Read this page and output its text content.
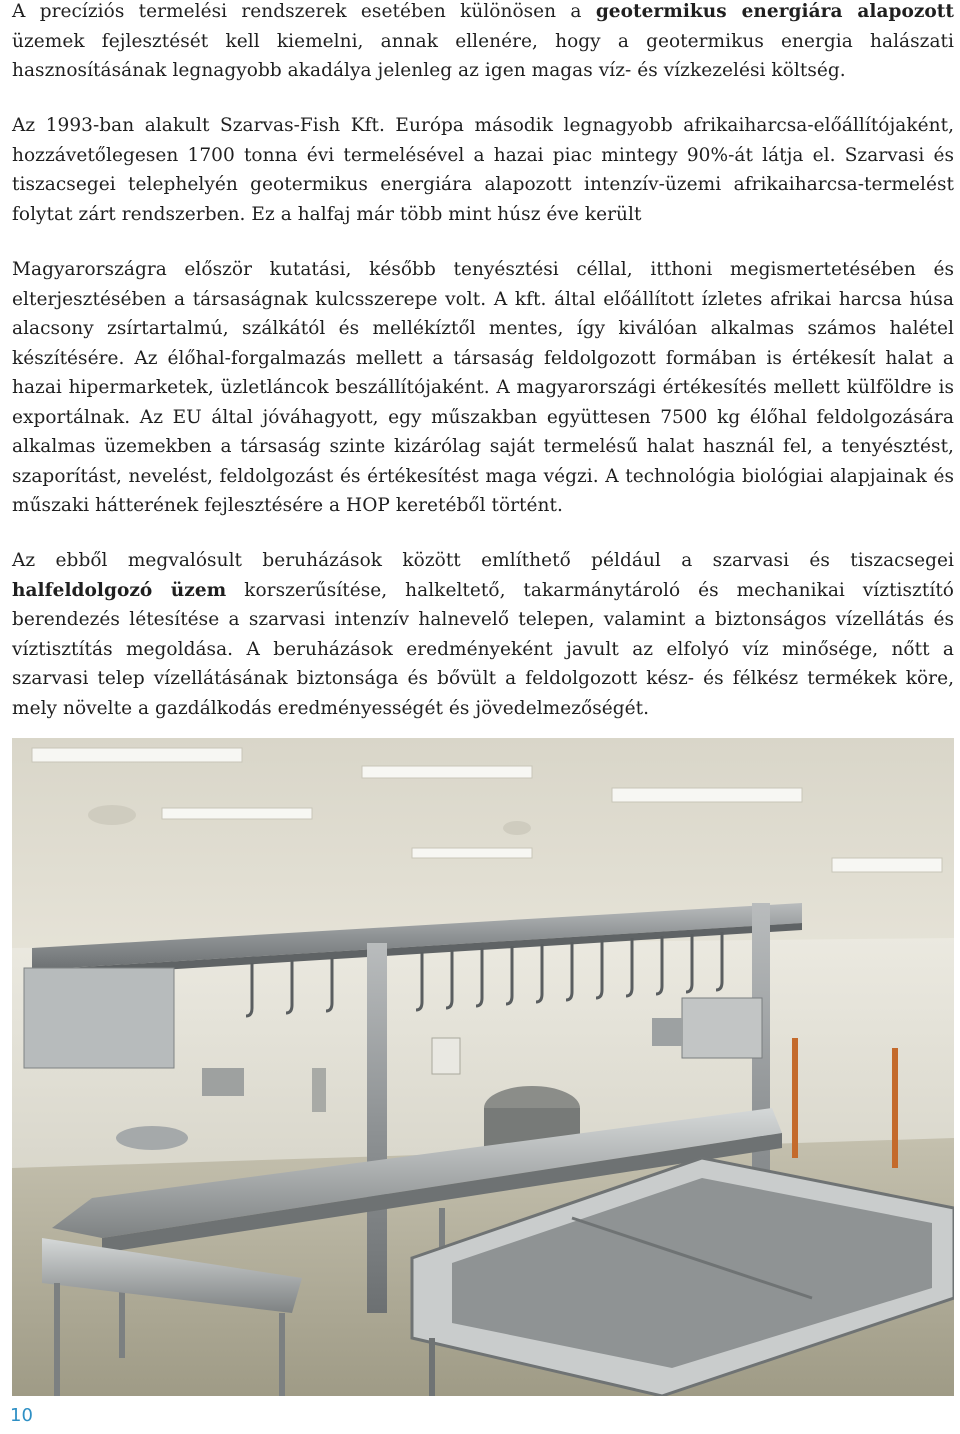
A precíziós termelési rendszerek esetében különösen a geotermikus energiára alapozott üzemek fejlesztését kell kiemelni, annak ellenére, hogy a geotermikus energia halászati hasznosításának legnagyobb akadálya jelenleg az igen magas víz- és vízkezelési költség.

Az 1993-ban alakult Szarvas-Fish Kft. Európa második legnagyobb afrikaiharcsa-előállítójaként, hozzávetőlegesen 1700 tonna évi termelésével a hazai piac mintegy 90%-át látja el. Szarvasi és tiszacsegei telephelyén geotermikus energiára alapozott intenzív-üzemi afrikaiharcsa-termelést folytat zárt rendszerben. Ez a halfaj már több mint húsz éve került

Magyarországra először kutatási, később tenyésztési céllal, itthoni megismertetésében és elterjesztésében a társaságnak kulcsszerepe volt. A kft. által előállított ízletes afrikai harcsa húsa alacsony zsírtartalmú, szálkától és mellékíztől mentes, így kiválóan alkalmas számos halétel készítésére. Az élőhal-forgalmazás mellett a társaság feldolgozott formában is értékesít halat a hazai hipermarketek, üzletláncok beszállítójaként. A magyarországi értékesítés mellett külföldre is exportálnak. Az EU által jóváhagyott, egy műszakban együttesen 7500 kg élőhal feldolgozására alkalmas üzemekben a társaság szinte kizárólag saját termelésű halat használ fel, a tenyésztést, szaporítást, nevelést, feldolgozást és értékesítést maga végzi. A technológia biológiai alapjainak és műszaki hátterének fejlesztésére a HOP keretéből történt.

Az ebből megvalósult beruházások között említhető például a szarvasi és tiszacsegei halfeldolgozó üzem korszerűsítése, halkeltető, takarmánytároló és mechanikai víztisztító berendezés létesítése a szarvasi intenzív halnevelő telepen, valamint a biztonságos vízellátás és víztisztítás megoldása. A beruházások eredményeként javult az elfolyó víz minősége, nőtt a szarvasi telep vízellátásának biztonsága és bővült a feldolgozott kész- és félkész termékek köre, mely növelte a gazdálkodás eredményességét és jövedelmezőségét.

10
